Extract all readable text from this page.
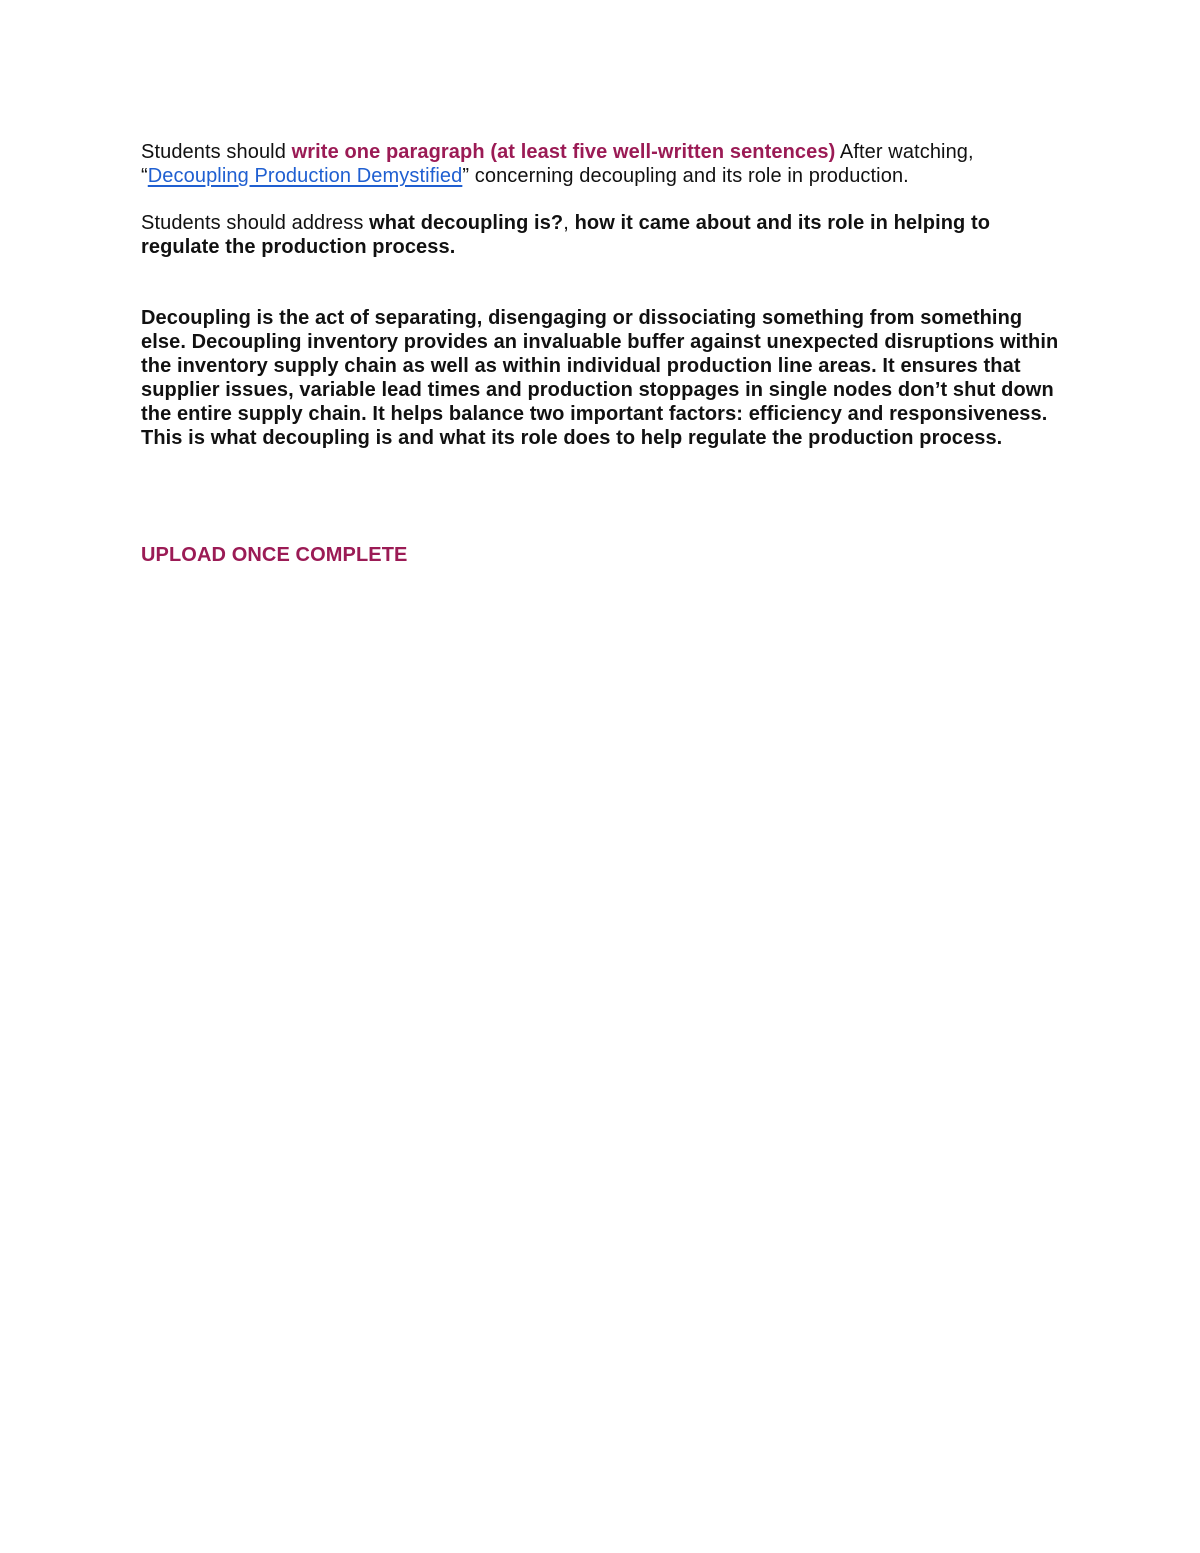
Students should write one paragraph (at least five well-written sentences) After watching, “Decoupling Production Demystified” concerning decoupling and its role in production.

Students should address what decoupling is?, how it came about and its role in helping to regulate the production process.

Decoupling is the act of separating, disengaging or dissociating something from something else. Decoupling inventory provides an invaluable buffer against unexpected disruptions within the inventory supply chain as well as within individual production line areas. It ensures that supplier issues, variable lead times and production stoppages in single nodes don’t shut down the entire supply chain. It helps balance two important factors: efficiency and responsiveness. This is what decoupling is and what its role does to help regulate the production process.

UPLOAD ONCE COMPLETE
